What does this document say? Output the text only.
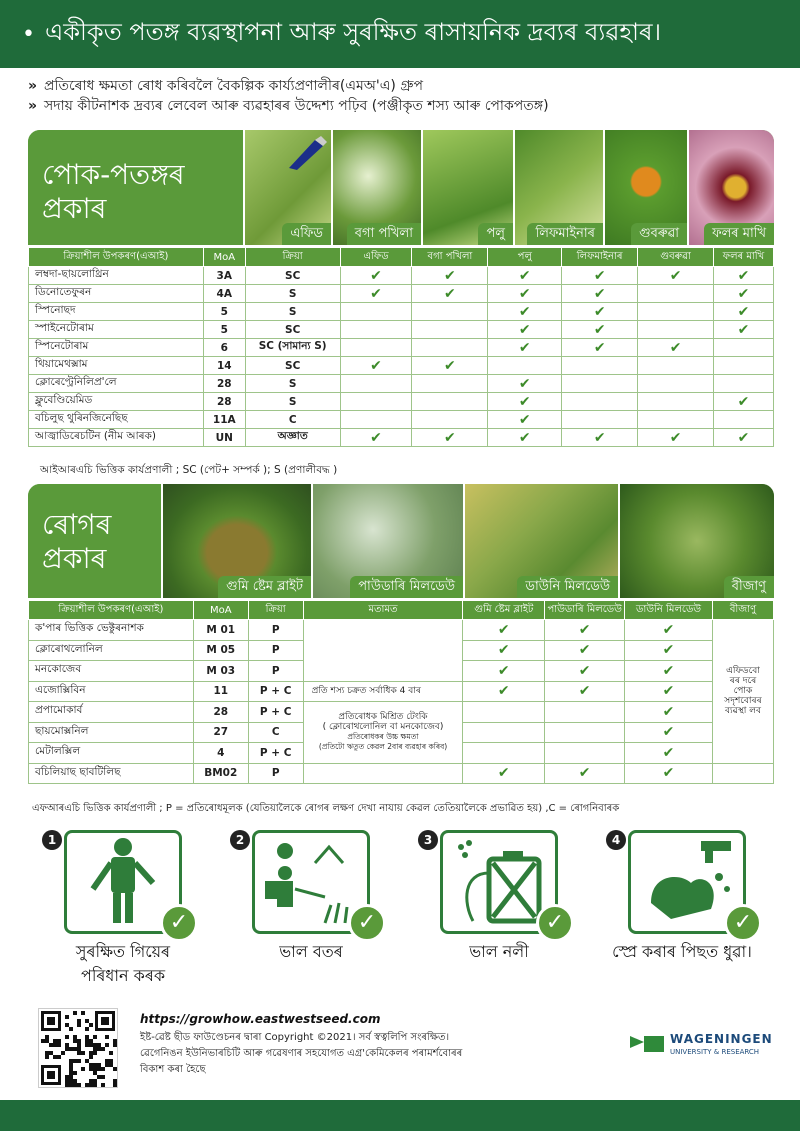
• একীকৃত পতঙ্গ ব্যৱস্থাপনা আৰু সুৰক্ষিত ৰাসায়নিক দ্ৰব্যৰ ব্যৱহাৰ।
» প্ৰতিৰোধ ক্ষমতা ৰোধ কৰিবলৈ বৈকল্পিক কাৰ্য্যপ্ৰণালীৰ(এমঅ'এ) গ্ৰুপ
» সদায় কীটনাশক দ্ৰব্যৰ লেবেল আৰু ব্যৱহাৰৰ উদ্দেশ্য পঢ়িব (পঞ্জীকৃত শস্য আৰু পোকপতঙ্গ)
পোক-পতঙ্গৰ
প্ৰকাৰ
এফিড	বগা পখিলা	পলু	লিফমাইনাৰ	গুবৰুৱা	ফলৰ মাখি
ক্ৰিয়াশীল উপকৰণ(এআই)	MoA	ক্ৰিয়া	এফিড	বগা পখিলা	পলু	লিফমাইনাৰ	গুবৰুৱা	ফলৰ মাখি
লম্বদা-ছায়লোথ্ৰিন	3A	SC	✔	✔	✔	✔	✔	✔
ডিনোতেফুৰন	4A	S	✔	✔	✔	✔		✔
স্পিনোছদ	5	S			✔	✔		✔
স্পাইনেটোৰাম	5	SC			✔	✔		✔
স্পিনেটোৰাম	6	SC (সামান্য S)			✔	✔	✔	
থিয়ামেথক্সাম	14	SC	✔	✔				
ক্লোৰেণ্ট্ৰেনিলিপ্ৰ'লে	28	S			✔			
ফ্লুবেণ্ডিয়েমিড	28	S			✔			✔
বচিলুছ থুৰিনজিনেছিছ	11A	C			✔			
আজ্বাডিৰেচটিন (নীম আৰক)	UN	অজ্ঞাত	✔	✔	✔	✔	✔	✔
আইআৰএচি ভিত্তিক কাৰ্যপ্ৰণালী ; SC (পেট+ সম্পৰ্ক ); S (প্ৰণালীবদ্ধ )
ৰোগৰ
প্ৰকাৰ
গুমি ষ্টেম ব্লাইট	পাউডাৰি মিলডেউ	ডাউনি মিলডেউ	বীজাণু
ক্ৰিয়াশীল উপকৰণ(এআই)	MoA	ক্ৰিয়া	মতামত	গুমি ষ্টেম ব্লাইট	পাউডাৰি মিলডেউ	ডাউনি মিলডেউ	বীজাণু
ক'পাৰ ভিত্তিক ভেক্টুৰনাশক	M 01	P		✔	✔	✔	এফিডবো
ৰৰ দৰে
পোক
সদৃশবোৰৰ
ব্যৱস্থা লব

ক্লোৰোথলোনিল	M 05	P		✔	✔	✔	
মনকোজেব	M 03	P		✔	✔	✔	
এজোক্সিবিন	11	P + C	প্ৰতি শস্য চক্ৰত সৰ্বাধিক 4 বাৰ	✔	✔	✔	
প্ৰপামোকাৰ্ব	28	P + C	প্ৰতিৰোধক মিশ্ৰিত টেংকি
( ক্লোৰোথলোনিল বা মনকোজেব)
প্ৰতিৰোধকৰ উচ্চ ক্ষমতা
(প্ৰতিটো ঋতুত কেৱল 2বাৰ ব্যৱহাৰ কৰিব)			✔	
ছায়মোক্সনিল	27	C				✔	
মেটালক্সিল	4	P + C				✔	
বচিলিয়াছ ছাবটিলিছ	BM02	P		✔	✔	✔	
এফআৰএচি ভিত্তিক কাৰ্যপ্ৰণালী ; P = প্ৰতিৰোধমূলক (যেতিয়ালৈকে ৰোগৰ লক্ষণ দেখা নাযায় কেৱল তেতিয়ালৈকে প্ৰভাৱিত হয়) ,C = ৰোগনিবাৰক
1
✓
সুৰক্ষিত গিয়েৰ
পৰিধান কৰক
2
✓
ভাল বতৰ
3
✓
ভাল নলী
4
✓
স্প্ৰে কৰাৰ পিছত ধুৱা।
https://growhow.eastwestseed.com
ইষ্ট-ৱেষ্ট ছীড ফাউণ্ডেচনৰ দ্বাৰা Copyright ©2021। সৰ্ব স্বত্বলিপি সংৰক্ষিত।
ৱেগেনিঙন ইউনিভাৰচিটি আৰু গৱেষণাৰ সহযোগত এগ্ৰ'কেমিকেলৰ পৰামৰ্শবোৰৰ
বিকাশ কৰা হৈছে
WAGENINGEN
UNIVERSITY & RESEARCH
